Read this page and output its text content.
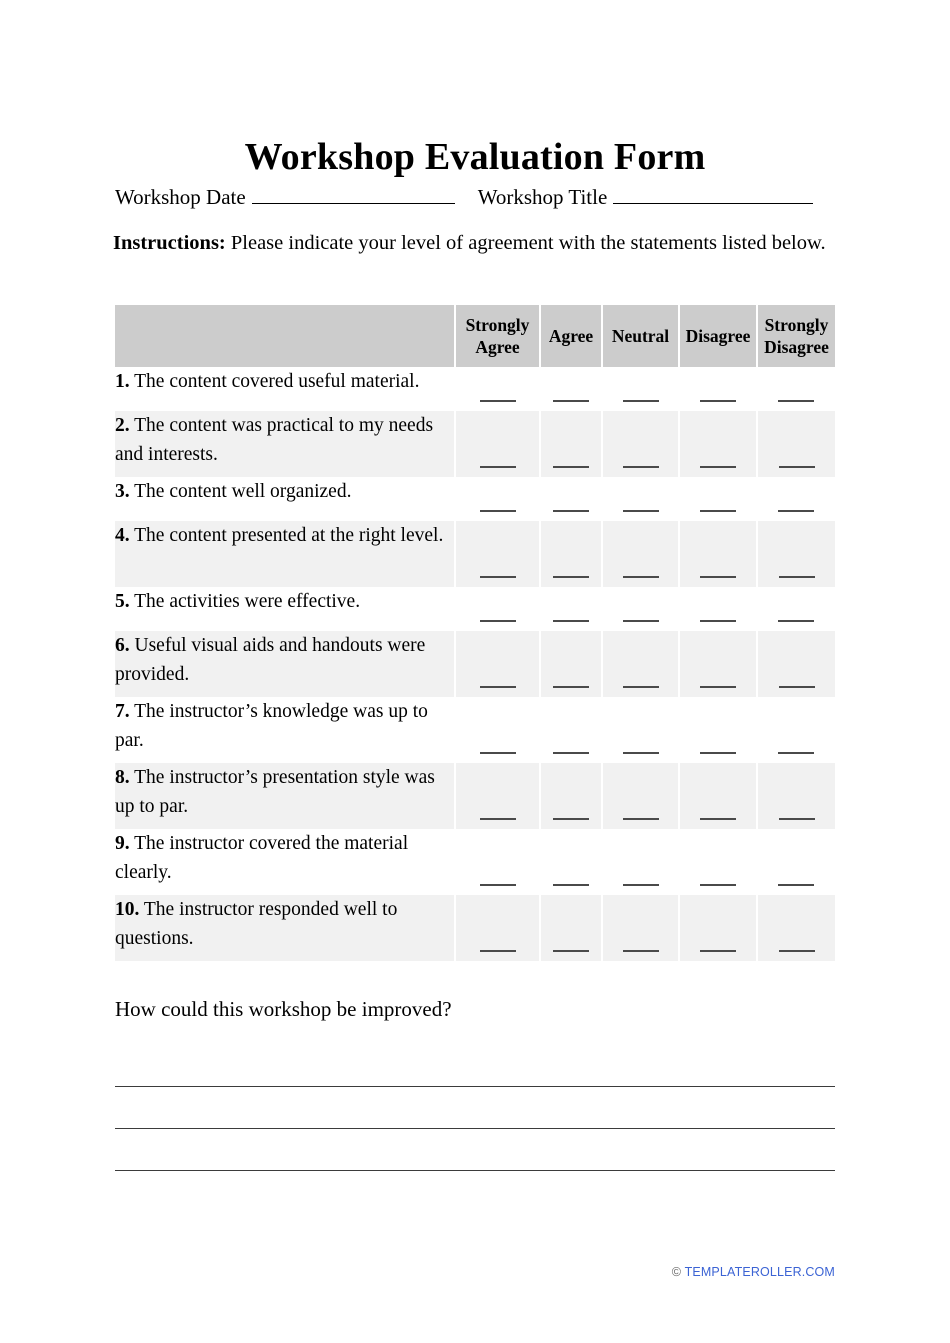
Workshop Evaluation Form
Workshop Date	Workshop Title
Instructions: Please indicate your level of agreement with the statements listed below.
	Strongly Agree	Agree	Neutral	Disagree	Strongly Disagree
1. The content covered useful material.	

2. The content was practical to my needs and interests.	

3. The content well organized.	

4. The content presented at the right level.	

5. The activities were effective.	

6. Useful visual aids and handouts were provided.	

7. The instructor’s knowledge was up to par.	

8. The instructor’s presentation style was up to par.	

9. The instructor covered the material clearly.	

10. The instructor responded well to questions.	

How could this workshop be improved?
© TEMPLATEROLLER.COM
